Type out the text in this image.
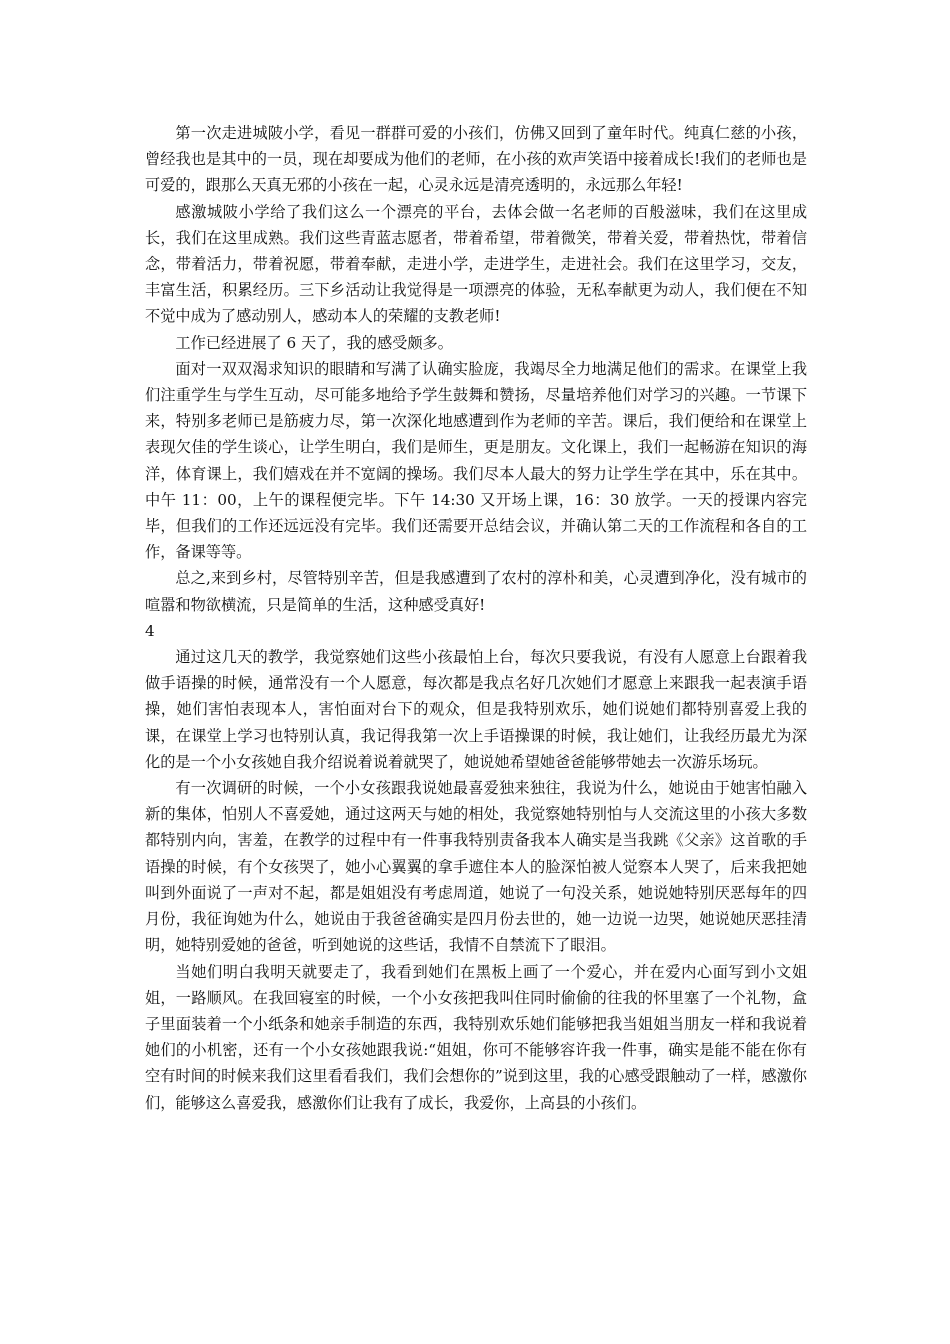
第一次走进城陂小学，看见一群群可爱的小孩们，仿佛又回到了童年时代。纯真仁慈的小孩，曾经我也是其中的一员，现在却要成为他们的老师，在小孩的欢声笑语中接着成长!我们的老师也是可爱的，跟那么天真无邪的小孩在一起，心灵永远是清亮透明的，永远那么年轻!

感激城陂小学给了我们这么一个漂亮的平台，去体会做一名老师的百般滋味，我们在这里成长，我们在这里成熟。我们这些青蓝志愿者，带着希望，带着微笑，带着关爱，带着热忱，带着信念，带着活力，带着祝愿，带着奉献，走进小学，走进学生，走进社会。我们在这里学习，交友，丰富生活，积累经历。三下乡活动让我觉得是一项漂亮的体验，无私奉献更为动人，我们便在不知不觉中成为了感动别人，感动本人的荣耀的支教老师!

工作已经进展了 6 天了，我的感受颇多。

面对一双双渴求知识的眼睛和写满了认确实脸庞，我竭尽全力地满足他们的需求。在课堂上我们注重学生与学生互动，尽可能多地给予学生鼓舞和赞扬，尽量培养他们对学习的兴趣。一节课下来，特别多老师已是筋疲力尽，第一次深化地感遭到作为老师的辛苦。课后，我们便给和在课堂上表现欠佳的学生谈心，让学生明白，我们是师生，更是朋友。文化课上，我们一起畅游在知识的海洋，体育课上，我们嬉戏在并不宽阔的操场。我们尽本人最大的努力让学生学在其中，乐在其中。中午 11：00，上午的课程便完毕。下午 14:30 又开场上课，16：30 放学。一天的授课内容完毕，但我们的工作还远远没有完毕。我们还需要开总结会议，并确认第二天的工作流程和各自的工作，备课等等。

总之,来到乡村，尽管特别辛苦，但是我感遭到了农村的淳朴和美，心灵遭到净化，没有城市的喧嚣和物欲横流，只是简单的生活，这种感受真好!

4

通过这几天的教学，我觉察她们这些小孩最怕上台，每次只要我说，有没有人愿意上台跟着我做手语操的时候，通常没有一个人愿意，每次都是我点名好几次她们才愿意上来跟我一起表演手语操，她们害怕表现本人，害怕面对台下的观众，但是我特别欢乐，她们说她们都特别喜爱上我的课，在课堂上学习也特别认真，我记得我第一次上手语操课的时候，我让她们，让我经历最尤为深化的是一个小女孩她自我介绍说着说着就哭了，她说她希望她爸爸能够带她去一次游乐场玩。

有一次调研的时候，一个小女孩跟我说她最喜爱独来独往，我说为什么，她说由于她害怕融入新的集体，怕别人不喜爱她，通过这两天与她的相处，我觉察她特别怕与人交流这里的小孩大多数都特别内向，害羞，在教学的过程中有一件事我特别责备我本人确实是当我跳《父亲》这首歌的手语操的时候，有个女孩哭了，她小心翼翼的拿手遮住本人的脸深怕被人觉察本人哭了，后来我把她叫到外面说了一声对不起，都是姐姐没有考虑周道，她说了一句没关系，她说她特别厌恶每年的四月份，我征询她为什么，她说由于我爸爸确实是四月份去世的，她一边说一边哭，她说她厌恶挂清明，她特别爱她的爸爸，听到她说的这些话，我情不自禁流下了眼泪。

当她们明白我明天就要走了，我看到她们在黑板上画了一个爱心，并在爱内心面写到小文姐姐，一路顺风。在我回寝室的时候，一个小女孩把我叫住同时偷偷的往我的怀里塞了一个礼物，盒子里面装着一个小纸条和她亲手制造的东西，我特别欢乐她们能够把我当姐姐当朋友一样和我说着她们的小机密，还有一个小女孩她跟我说:“姐姐，你可不能够容许我一件事，确实是能不能在你有空有时间的时候来我们这里看看我们，我们会想你的”说到这里，我的心感受跟触动了一样，感激你们，能够这么喜爱我，感激你们让我有了成长，我爱你，上高县的小孩们。
